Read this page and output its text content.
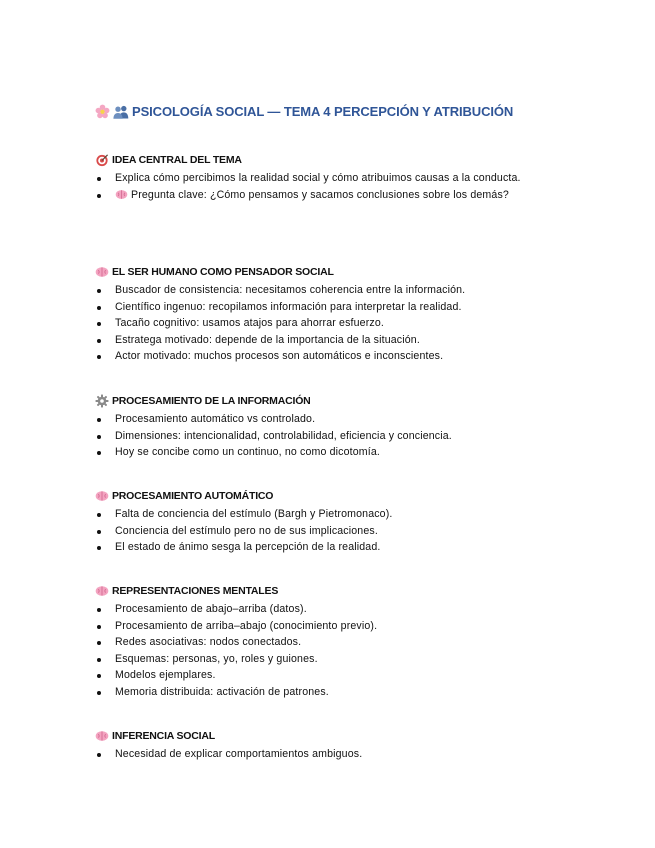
PSICOLOGÍA SOCIAL — TEMA 4 PERCEPCIÓN Y ATRIBUCIÓN
IDEA CENTRAL DEL TEMA
Explica cómo percibimos la realidad social y cómo atribuimos causas a la conducta.
Pregunta clave: ¿Cómo pensamos y sacamos conclusiones sobre los demás?
EL SER HUMANO COMO PENSADOR SOCIAL
Buscador de consistencia: necesitamos coherencia entre la información.
Científico ingenuo: recopilamos información para interpretar la realidad.
Tacaño cognitivo: usamos atajos para ahorrar esfuerzo.
Estratega motivado: depende de la importancia de la situación.
Actor motivado: muchos procesos son automáticos e inconscientes.
PROCESAMIENTO DE LA INFORMACIÓN
Procesamiento automático vs controlado.
Dimensiones: intencionalidad, controlabilidad, eficiencia y conciencia.
Hoy se concibe como un continuo, no como dicotomía.
PROCESAMIENTO AUTOMÁTICO
Falta de conciencia del estímulo (Bargh y Pietromonaco).
Conciencia del estímulo pero no de sus implicaciones.
El estado de ánimo sesga la percepción de la realidad.
REPRESENTACIONES MENTALES
Procesamiento de abajo–arriba (datos).
Procesamiento de arriba–abajo (conocimiento previo).
Redes asociativas: nodos conectados.
Esquemas: personas, yo, roles y guiones.
Modelos ejemplares.
Memoria distribuida: activación de patrones.
INFERENCIA SOCIAL
Necesidad de explicar comportamientos ambiguos.
